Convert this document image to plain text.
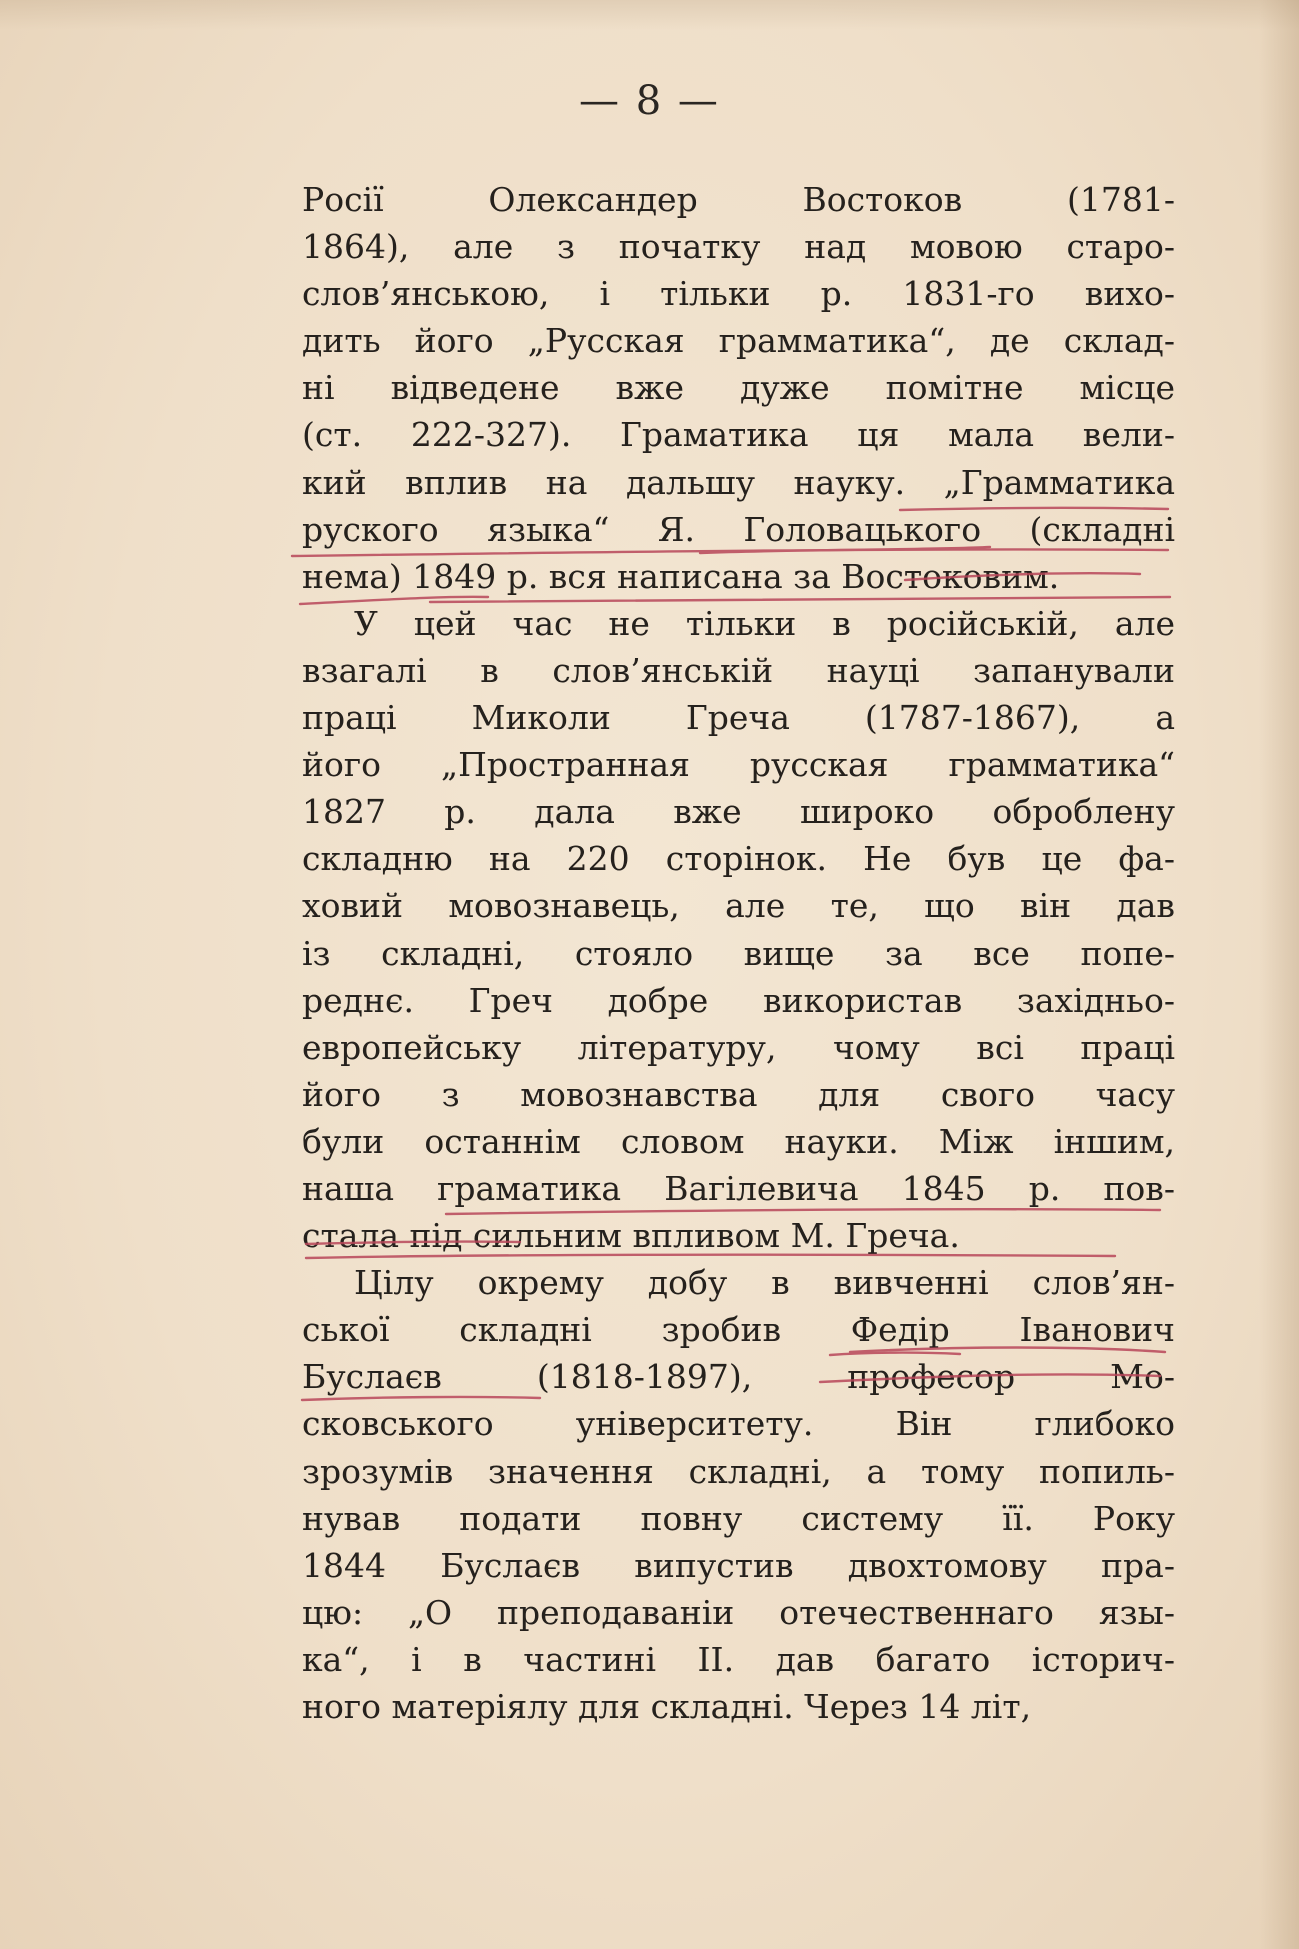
— 8 —
Росії Олександер Востоков (1781-
1864), але з початку над мовою старо-
слов’янською, і тільки р. 1831-го вихо-
дить його „Русская грамматика“, де склад-
ні відведене вже дуже помітне місце
(ст. 222-327). Граматика ця мала вели-
кий вплив на дальшу науку. „Грамматика
руского языка“ Я. Головацького (складні
нема) 1849 р. вся написана за Востоковим.
У цей час не тільки в російській, але
взагалі в слов’янській науці запанували
праці Миколи Греча (1787-1867), а
його „Пространная русская грамматика“
1827 р. дала вже широко оброблену
складню на 220 сторінок. Не був це фа-
ховий мовознавець, але те, що він дав
із складні, стояло вище за все попе-
реднє. Греч добре використав західньо-
европейську літературу, чому всі праці
його з мовознавства для свого часу
були останнім словом науки. Між іншим,
наша граматика Вагілевича 1845 р. пов-
стала під сильним впливом М. Греча.
Цілу окрему добу в вивченні слов’ян-
ської складні зробив Федір Іванович
Буслаєв (1818-1897), професор Мо-
сковського університету. Він глибоко
зрозумів значення складні, а тому попиль-
нував подати повну систему її. Року
1844 Буслаєв випустив двохтомову пра-
цю: „О преподаваніи отечественнаго язы-
ка“, і в частині II. дав багато історич-
ного матеріялу для складні. Через 14 літ,
